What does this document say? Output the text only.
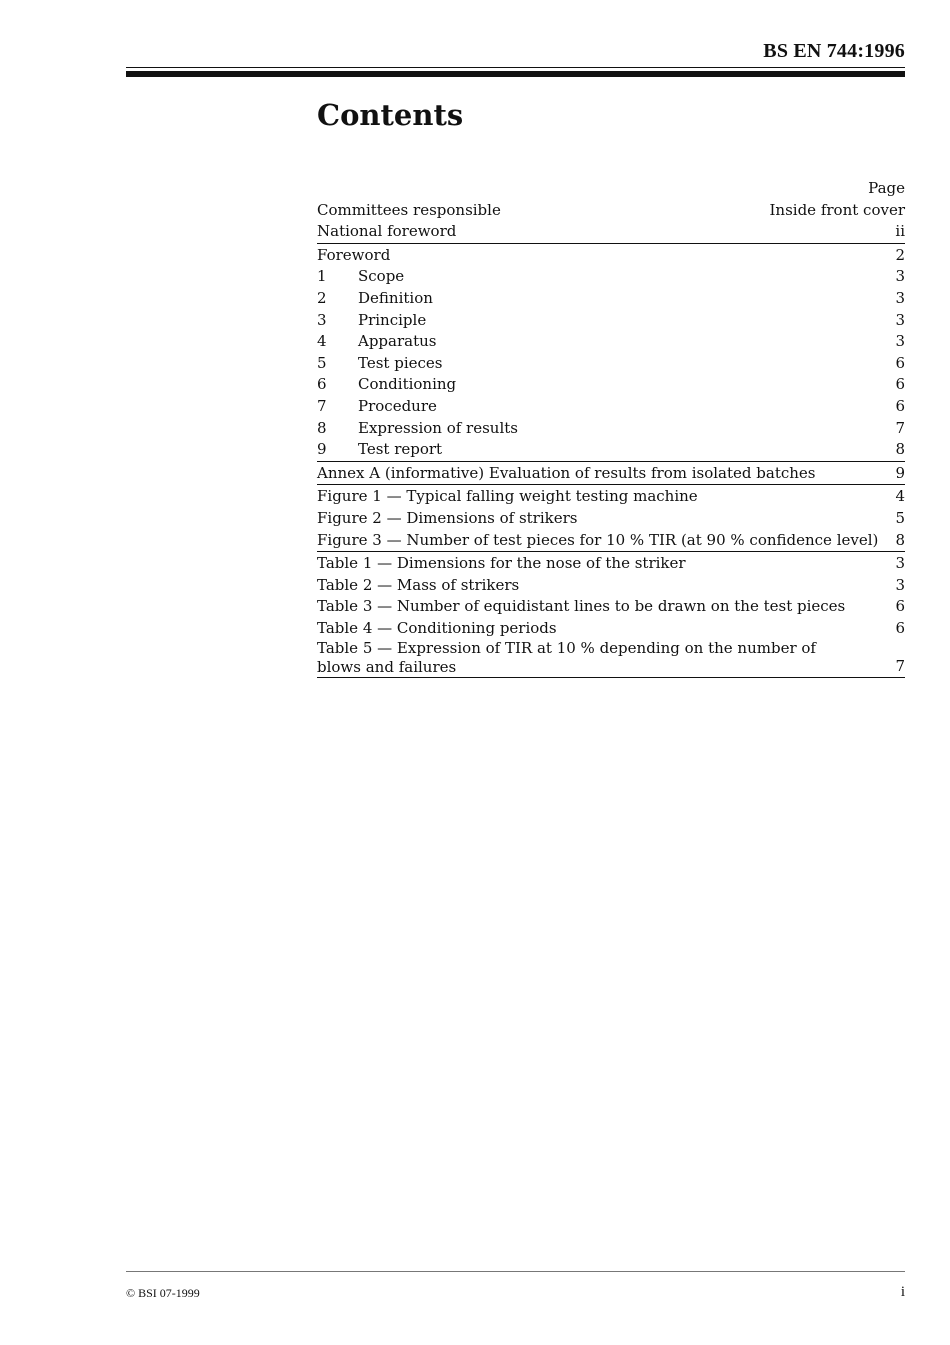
BS EN 744:1996
Contents
Page
Committees responsible	Inside front cover
National foreword	ii
Foreword	2
1	Scope	3
2	Definition	3
3	Principle	3
4	Apparatus	3
5	Test pieces	6
6	Conditioning	6
7	Procedure	6
8	Expression of results	7
9	Test report	8
Annex A (informative) Evaluation of results from isolated batches	9
Figure 1 — Typical falling weight testing machine	4
Figure 2 — Dimensions of strikers	5
Figure 3 — Number of test pieces for 10 % TIR (at 90 % confidence level)	8
Table 1 — Dimensions for the nose of the striker	3
Table 2 — Mass of strikers	3
Table 3 — Number of equidistant lines to be drawn on the test pieces	6
Table 4 — Conditioning periods	6
Table 5 — Expression of TIR at 10 % depending on the number of blows and failures	7
© BSI 07-1999	i
